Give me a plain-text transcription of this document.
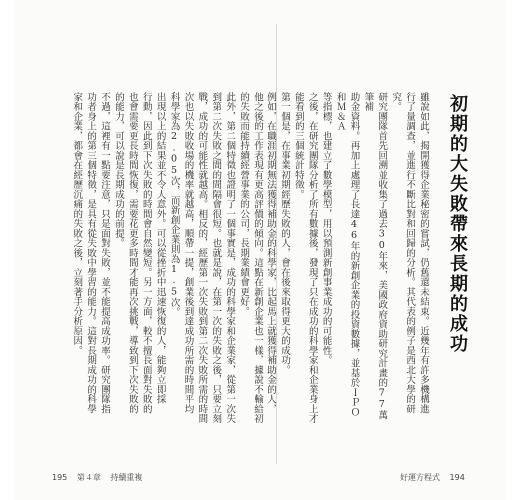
初期的大失敗帶來長期的成功

雖說如此，揭開獲得企業秘密的嘗試，仍舊還未結束。近幾年有許多機構進

行了量調查，並進行不斷比對和回歸的分析。其代表的例子是西北大學的研究。

研究團隊首先回溯並收集了過去30年來，美國政府資助研究計畫的77萬筆補

助金資料。再加上處理了長達46年的新創企業的投資數據，並基於ＩＰＯ和Ｍ＆Ａ

等指標，也建立了數學模型，用以預測新創事業成功的可能性。

之後，在研究團隊分析了所有數據後，發現了只在成功的科學家和企業身上才

能看到的三個統計特徵。

第一個是，在事業初期經歷失敗的人，會在後來取得更大的成功。

例如，在職涯初期無法獲得補助金的科學家，比起馬上就獲得補助金的人，

他之後的工作表現有更高評價的傾向。這點在新創企業也一樣，據說不輸給初

的失敗而能持續經營事業的公司，長期業績會更好。

此外，第二個特徵也證明了一個事實是，成功的科學家和企業家，從第一次失

到第二次失敗之間的間隔會很短。也就是說，在第一次的失敗之後，只要立刻

戰，成功的可能性就越高。相反的，經歷第一次失敗到第二次失敗所需的時間

次也以失敗收場的機率就越高，順帶一提，創業後到達成功所需的時間平均

科學家為2.05次，而新創企業則為1.5次。

出現以上的結果並不令人意外。可以從挫折中迅速恢復的人，能夠立即採

行動，因此到下次失敗的時間會自然變短。另一方面，較不擅長面對失敗的

也會需要更長時間恢復，需要花更多時間才能再次挑戰，導致到下次失敗的

的能力，可以說是長期成功的前提。

不過，這裡有一點要注意，只是面對失敗，並不能提高成功率。研究團隊指

功者身上的第三個特徵，是具有從失敗中學習的能力。這對長期成功的科學

家和企業，都會在經歷沉痛的失敗之後，立刻著手分析原因。

195 第４章 持續重複	好運方程式 194
